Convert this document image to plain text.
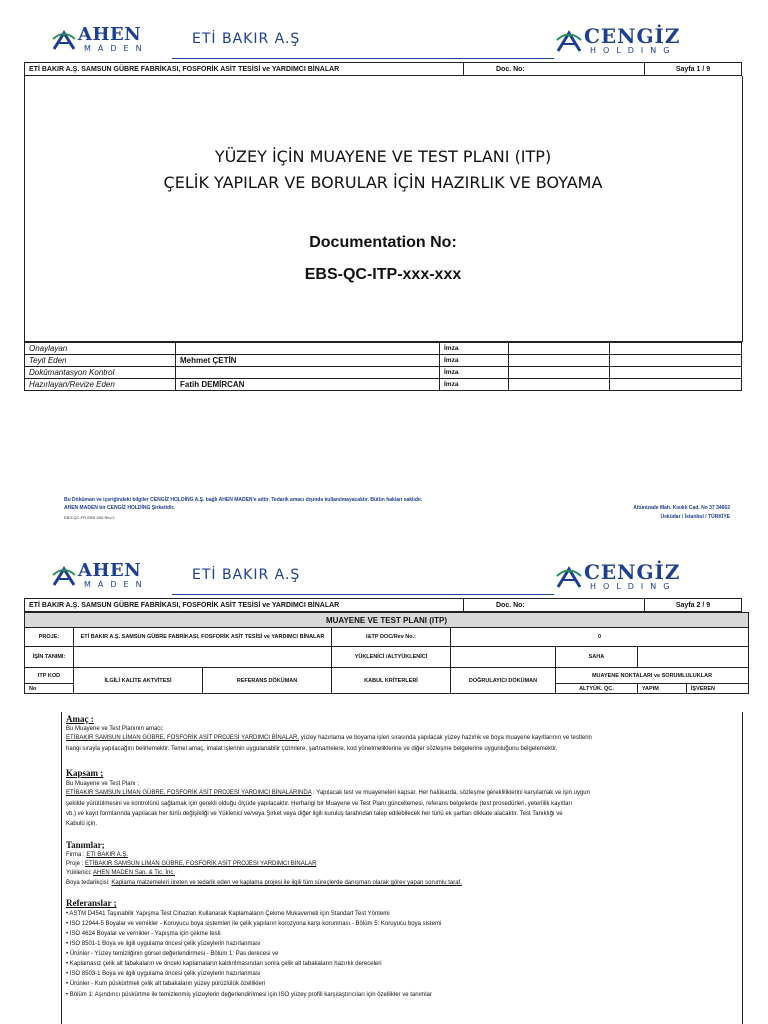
AHEN
MADEN
ETİ BAKIR A.Ş	CENGİZ
HOLDING
ETİ BAKIR A.Ş. SAMSUN GÜBRE FABRİKASI, FOSFORİK ASİT TESİSİ ve YARDIMCI BİNALAR	Doc. No:	Sayfa 1 / 9
YÜZEY İÇİN MUAYENE VE TEST PLANI (ITP)
ÇELİK YAPILAR VE BORULAR İÇİN HAZIRLIK VE BOYAMA
Documentation No:
EBS-QC-ITP-xxx-xxx
Onaylayan		İmza		
Teyit Eden	Mehmet ÇETİN	İmza		
Dokümantasyon Kontrol		İmza		
Hazırlayan/Revize Eden	Fatih DEMİRCAN	İmza		
Bu Döküman ve içeriğindeki bilgiler CENGİZ HOLDİNG A.Ş. bağlı AHEN MADEN'e aittir. Tedarik amacı dışında kullanılmayacaktır. Bütün hakları saklıdır.
AHEN MADEN bir CENGİZ HOLDİNG Şirketidir.
EBS-QC-FR-EBS-005 Rev.2
Altunizade Mah. Kısıklı Cad. No 37 34662
Üsküdar / İstanbul / TÜRKİYE
AHEN
MADEN
ETİ BAKIR A.Ş	CENGİZ
HOLDING
ETİ BAKIR A.Ş. SAMSUN GÜBRE FABRİKASI, FOSFORİK ASİT TESİSİ ve YARDIMCI BİNALAR	Doc. No:	Sayfa 2 / 9
MUAYENE VE TEST PLANI (ITP)							
PROJE:	ETİ BAKIR A.Ş. SAMSUN GÜBRE FABRİKASI, FOSFORİK ASİT TESİSİ ve YARDIMCI BİNALAR		I&TP DOC/Rev No.:	0			
İŞİN TANIMI:			YÜKLENİCİ /ALTYÜKLENİCİ		SAHA		
ITP KOD	İLGİLİ KALİTE AKTVİTESİ	REFERANS DÖKÜMAN	KABUL KRİTERLERİ	DOĞRULAYICI DÖKÜMAN	MUAYENE NOKTALARI ve SORUMLULUKLAR		
No					ALTYÜK. QC.	YAPIM	İŞVEREN
Amaç :
Bu Muayene ve Test Planının amacı;
ETİBAKIR SAMSUN LİMAN GÜBRE, FOSFORİK ASİT PROJESİ YARDIMCI BİNALAR, yüzey hazırlama ve boyama işleri sırasında yapılacak yüzey hazırlık ve boya muayene kayıtlarının ve testlerin
hangi sırayla yapılacağını belirlemektir. Temel amaç, imalat işlerinin uygulanabilir çizimlere, şartnamelere, kod yönetmeliklerine ve diğer sözleşme belgelerine uygunluğunu belgelemektir.
Kapsam ;
Bu Muayene ve Test Planı ;
ETİBAKIR SAMSUN LİMAN GÜBRE, FOSFORİK ASİT PROJESİ YARDIMCI BİNALARINDA ; Yapılacak test ve muayeneleri kapsar. Her halükarda, sözleşme gerekliliklerini karşılamak ve işin uygun
şekilde yürütülmesini ve kontrolünü sağlamak için gerekli olduğu ölçüde yapılacaktır. Herhangi bir Muayene ve Test Planı güncellemesi, referans belgelerde (test prosedürleri, yeterlilik kayıtları
vb.) ve kayıt formlarında yapılacak her türlü değişikliği ve Yüklenici ve/veya Şirket veya diğer ilgili kuruluş tarafından talep edilebilecek her türlü ek şartları dikkate alacaktır. Test Tanıklığı ve
Kabulü için.
Tanımlar;
Firma : ETİ BAKIR A.Ş.
Proje : ETİBAKIR SAMSUN LİMAN GÜBRE, FOSFORİK ASİT PROJESİ YARDIMCI BİNALAR
Yüklenici: AHEN MADEN San. & Tic. İnc.
Boya tedarikçisi: Kaplama malzemeleri üreten ve tedarik eden ve kaplama projesi ile ilgili tüm süreçlerde danışman olarak görev yapan sorumlu taraf.
Referanslar ;
• ASTM D4541 Taşınabilir Yapışma Test Cihazları Kullanarak Kaplamaların Çekme Mukavemeti için Standart Test Yöntemi
• ISO 12944-5 Boyalar ve vernikler - Koruyucu boya sistemleri ile çelik yapıların korozyona karşı korunması - Bölüm 5: Koruyucu boya sistemi
• ISO 4624 Boyalar ve vernikler - Yapışma için çekme testi
• ISO 8501-1 Boya ve ilgili uygulama öncesi çelik yüzeylerin hazırlanması
• Ürünler - Yüzey temizliğinin görsel değerlendirmesi - Bölüm 1: Pas derecesi ve
• Kaplamasız çelik alt tabakaların ve önceki kaplamaların kaldırılmasından sonra çelik alt tabakaların hazırlık dereceleri
• ISO 8503-1 Boya ve ilgili uygulama öncesi çelik yüzeylerin hazırlanması
• Ürünler - Kum püskürtmeli çelik alt tabakaların yüzey pürüzlülük özellikleri
• Bölüm 1: Aşındırıcı püskürtme ile temizlenmiş yüzeylerin değerlendirilmesi için ISO yüzey profili karşılaştırıcıları için özellikler ve tanımlar
